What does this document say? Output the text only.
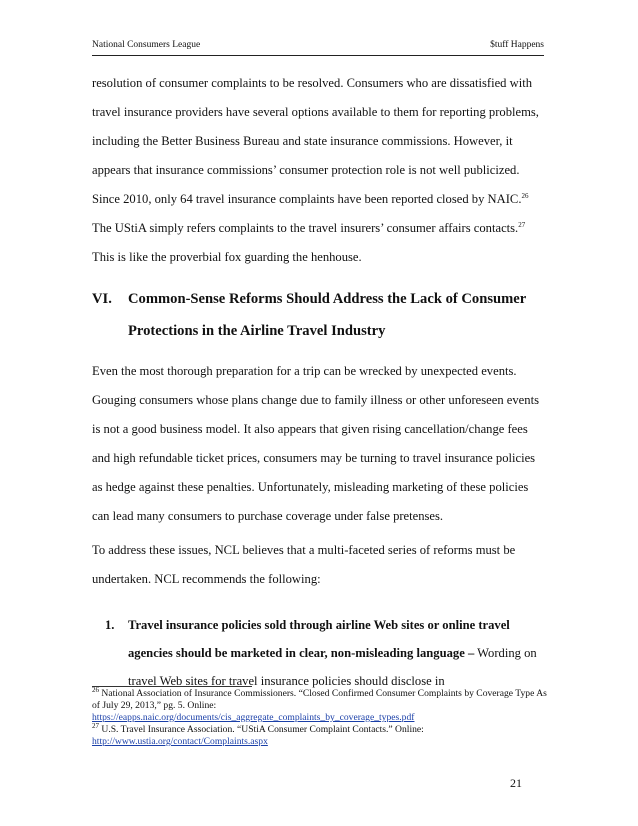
National Consumers League	$tuff Happens
resolution of consumer complaints to be resolved. Consumers who are dissatisfied with travel insurance providers have several options available to them for reporting problems, including the Better Business Bureau and state insurance commissions. However, it appears that insurance commissions’ consumer protection role is not well publicized. Since 2010, only 64 travel insurance complaints have been reported closed by NAIC.$^{26}$ The UStiA simply refers complaints to the travel insurers’ consumer affairs contacts.$^{27}$ This is like the proverbial fox guarding the henhouse.
VI. Common-Sense Reforms Should Address the Lack of Consumer Protections in the Airline Travel Industry
Even the most thorough preparation for a trip can be wrecked by unexpected events. Gouging consumers whose plans change due to family illness or other unforeseen events is not a good business model. It also appears that given rising cancellation/change fees and high refundable ticket prices, consumers may be turning to travel insurance policies as hedge against these penalties. Unfortunately, misleading marketing of these policies can lead many consumers to purchase coverage under false pretenses.
To address these issues, NCL believes that a multi-faceted series of reforms must be undertaken. NCL recommends the following:
1. Travel insurance policies sold through airline Web sites or online travel agencies should be marketed in clear, non-misleading language – Wording on travel Web sites for travel insurance policies should disclose in
$^{26}$ National Association of Insurance Commissioners. “Closed Confirmed Consumer Complaints by Coverage Type As of July 29, 2013,” pg. 5. Online:
https://eapps.naic.org/documents/cis_aggregate_complaints_by_coverage_types.pdf
$^{27}$ U.S. Travel Insurance Association. “UStiA Consumer Complaint Contacts.” Online:
http://www.ustia.org/contact/Complaints.aspx
21
